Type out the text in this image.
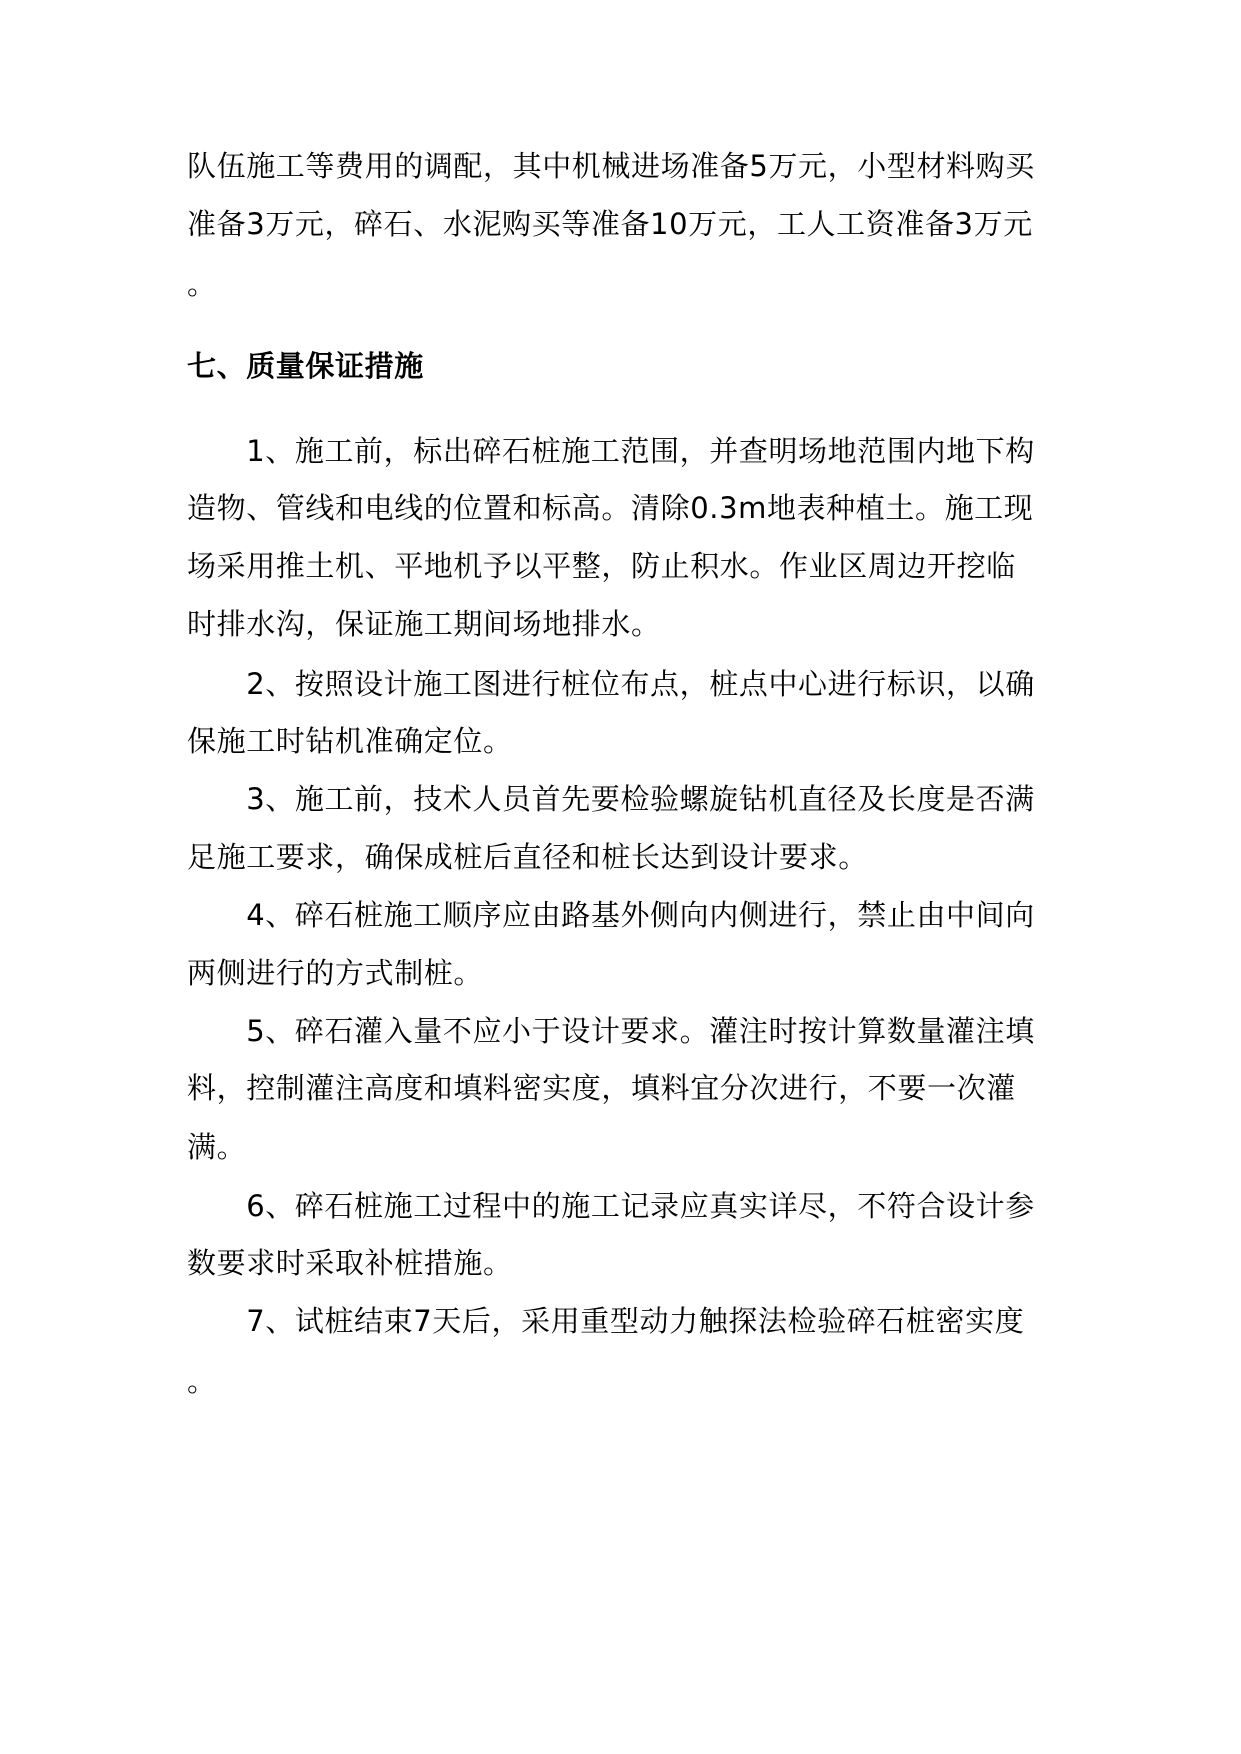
队伍施工等费用的调配，其中机械进场准备5万元，小型材料购买
准备3万元，碎石、水泥购买等准备10万元，工人工资准备3万元
。
七、质量保证措施
　　1、施工前，标出碎石桩施工范围，并查明场地范围内地下构
造物、管线和电线的位置和标高。清除0.3m地表种植土。施工现
场采用推土机、平地机予以平整，防止积水。作业区周边开挖临
时排水沟，保证施工期间场地排水。
　　2、按照设计施工图进行桩位布点，桩点中心进行标识，以确
保施工时钻机准确定位。
　　3、施工前，技术人员首先要检验螺旋钻机直径及长度是否满
足施工要求，确保成桩后直径和桩长达到设计要求。
　　4、碎石桩施工顺序应由路基外侧向内侧进行，禁止由中间向
两侧进行的方式制桩。
　　5、碎石灌入量不应小于设计要求。灌注时按计算数量灌注填
料，控制灌注高度和填料密实度，填料宜分次进行，不要一次灌
满。
　　6、碎石桩施工过程中的施工记录应真实详尽，不符合设计参
数要求时采取补桩措施。
　　7、试桩结束7天后，采用重型动力触探法检验碎石桩密实度
。
